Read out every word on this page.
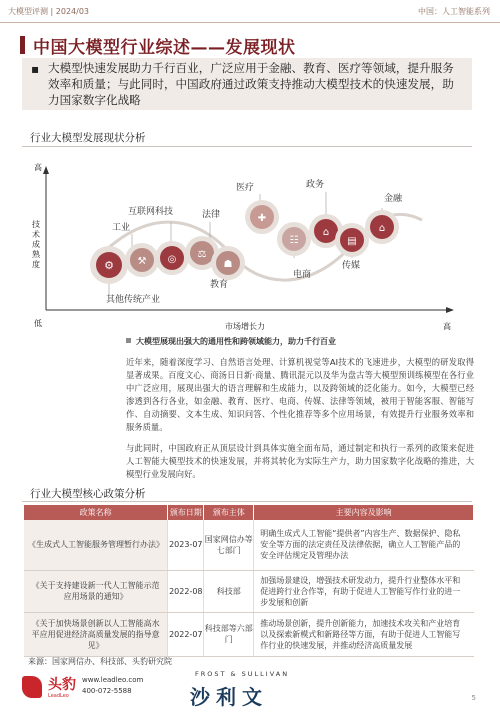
大模型评测 | 2024/03	中国：人工智能系列
中国大模型行业综述——发展现状
▪ 大模型快速发展助力千行百业，广泛应用于金融、教育、医疗等领域，提升服务效率和质量；与此同时，中国政府通过政策支持推动大模型技术的快速发展，助力国家数字化战略

行业大模型发展现状分析
⚙ ⚒ ◎ ⚖
☗
✚
☷
⌂
▤
⌂
高
低
技术成熟度
市场增长力	高
其他传统产业
工业
互联网科技	法律
教育
医疗
电商
政务
传媒
金融
大模型展现出强大的通用性和跨领域能力，助力千行百业
近年来，随着深度学习、自然语言处理、计算机视觉等AI技术的飞速进步，大模型的研发取得显著成果。百度文心、商汤日日新·商量、腾讯混元以及华为盘古等大模型预训练模型在各行业中广泛应用，展现出强大的语言理解和生成能力，以及跨领域的泛化能力。如今，大模型已经渗透到各行各业，如金融、教育、医疗、电商、传媒、法律等领域，被用于智能客服、智能写作、自动摘要、文本生成、知识问答、个性化推荐等多个应用场景，有效提升行业服务效率和服务质量。
与此同时，中国政府正从顶层设计到具体实施全面布局，通过制定和执行一系列的政策来促进人工智能大模型技术的快速发展，并将其转化为实际生产力，助力国家数字化战略的推进，大模型行业发展向好。
行业大模型核心政策分析
政策名称	颁布日期	颁布主体	主要内容及影响
《生成式人工智能服务管理暂行办法》	2023-07	国家网信办等七部门	明确生成式人工智能“提供者”内容生产、数据保护、隐私安全等方面的法定责任及法律依据，确立人工智能产品的安全评估规定及管理办法
《关于支持建设新一代人工智能示范应用场景的通知》	2022-08	科技部	加强场景建设，增强技术研发动力，提升行业整体水平和促进跨行业合作等，有助于促进人工智能写作行业的进一步发展和创新
《关于加快场景创新以人工智能高水平应用促进经济高质量发展的指导意见》	2022-07	科技部等六部门	推动场景创新，提升创新能力，加速技术攻关和产业培育以及探索新模式和新路径等方面，有助于促进人工智能写作行业的快速发展，并推动经济高质量发展
来源：国家网信办、科技部、头豹研究院
头豹
LeadLeo
www.leadleo.com
400-072-5588
FROST & SULLIVAN
沙利文	5
